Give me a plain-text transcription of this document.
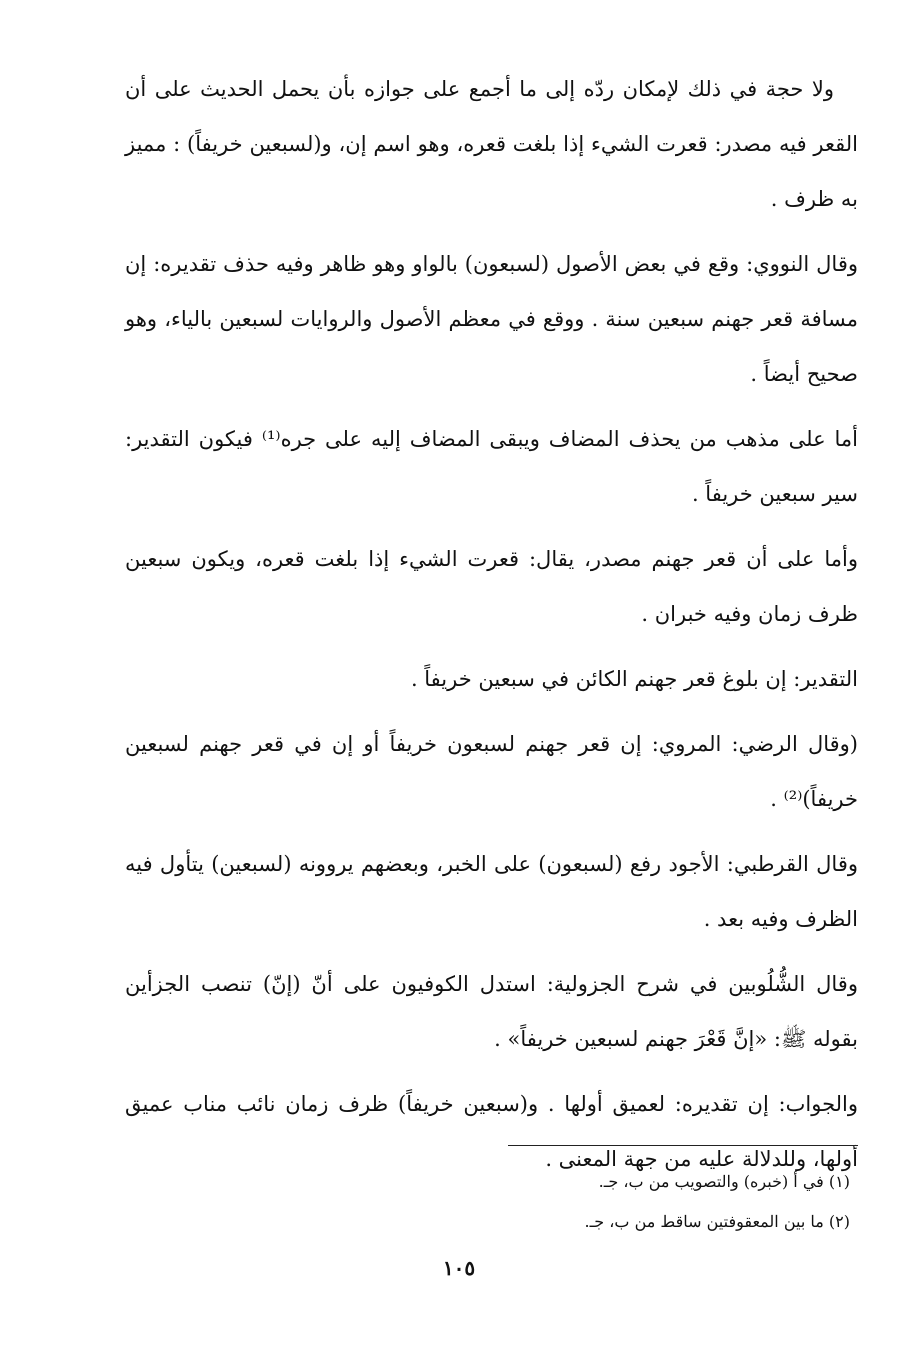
ولا حجة في ذلك لإمكان ردّه إلى ما أجمع على جوازه بأن يحمل الحديث على أن القعر فيه مصدر: قعرت الشيء إذا بلغت قعره، وهو اسم إن، و(لسبعين خريفاً) : مميز به ظرف .

وقال النووي: وقع في بعض الأصول (لسبعون) بالواو وهو ظاهر وفيه حذف تقديره: إن مسافة قعر جهنم سبعين سنة . ووقع في معظم الأصول والروايات لسبعين بالياء، وهو صحيح أيضاً .

أما على مذهب من يحذف المضاف ويبقى المضاف إليه على جره⁽¹⁾ فيكون التقدير: سير سبعين خريفاً .

وأما على أن قعر جهنم مصدر، يقال: قعرت الشيء إذا بلغت قعره، ويكون سبعين ظرف زمان وفيه خبران .

التقدير: إن بلوغ قعر جهنم الكائن في سبعين خريفاً .

(وقال الرضي: المروي: إن قعر جهنم لسبعون خريفاً أو إن في قعر جهنم لسبعين خريفاً)⁽²⁾ .

وقال القرطبي: الأجود رفع (لسبعون) على الخبر، وبعضهم يروونه (لسبعين) يتأول فيه الظرف وفيه بعد .

وقال الشُّلُوبين في شرح الجزولية: استدل الكوفيون على أنّ (إنّ) تنصب الجزأين بقوله ﷺ: «إنَّ قَعْرَ جهنم لسبعين خريفاً» .

والجواب: إن تقديره: لعميق أولها . و(سبعين خريفاً) ظرف زمان نائب مناب عميق أولها، وللدلالة عليه من جهة المعنى .

(١) في أ (خبره) والتصويب من ب، جـ.
(٢) ما بين المعقوفتين ساقط من ب، جـ.
١٠٥
